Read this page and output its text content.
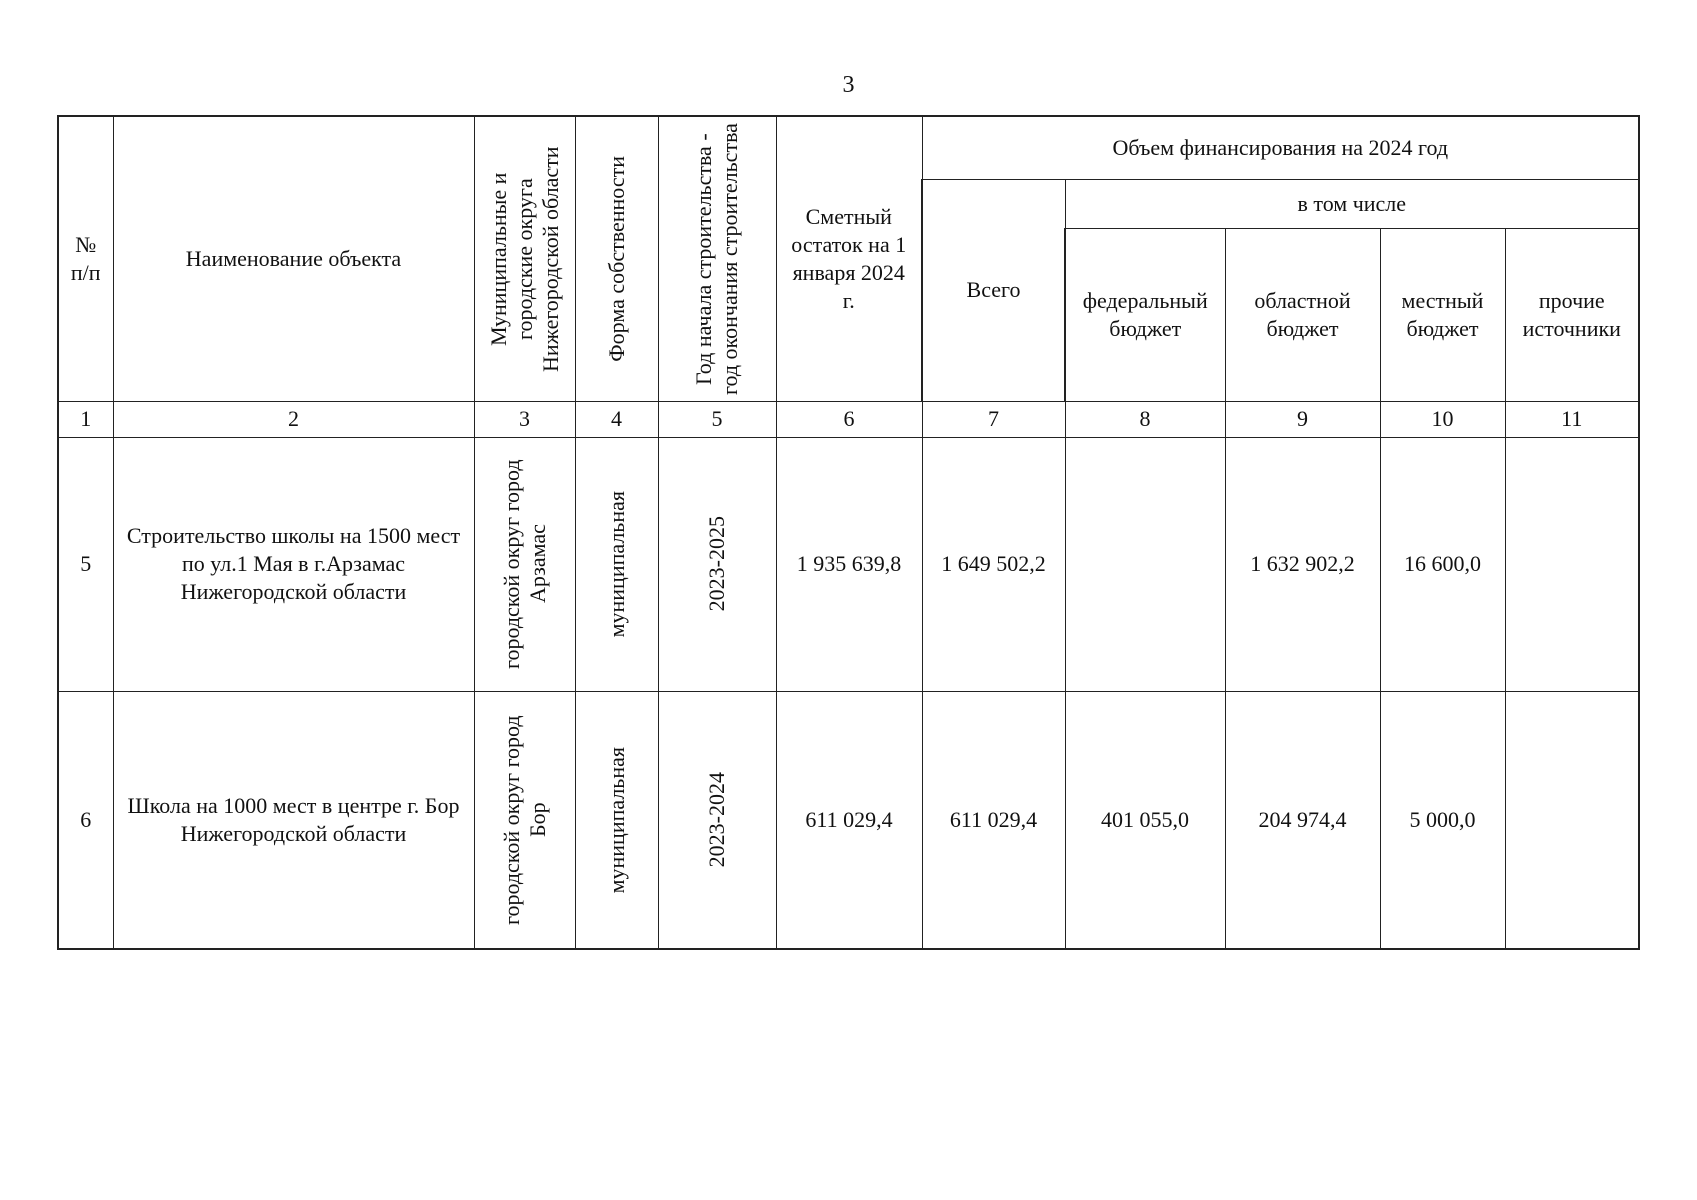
3
№ п/п	Наименование объекта	Муниципальные и городские округа Нижегородской области	Форма собственности	Год начала строительства - год окончания строительства	Сметный остаток на 1 января 2024 г.	Объем финансирования на 2024 год				
						Всего	в том числе			
							федеральный бюджет	областной бюджет	местный бюджет	прочие источники
1	2	3	4	5	6	7	8	9	10	11
5	Строительство школы на 1500 мест по ул.1 Мая в г.Арзамас Нижегородской области	городской округ город Арзамас	муниципальная	2023-2025	1 935 639,8	1 649 502,2		1 632 902,2	16 600,0	
6	Школа на 1000 мест в центре г. Бор Нижегородской области	городской округ город Бор	муниципальная	2023-2024	611 029,4	611 029,4	401 055,0	204 974,4	5 000,0	
